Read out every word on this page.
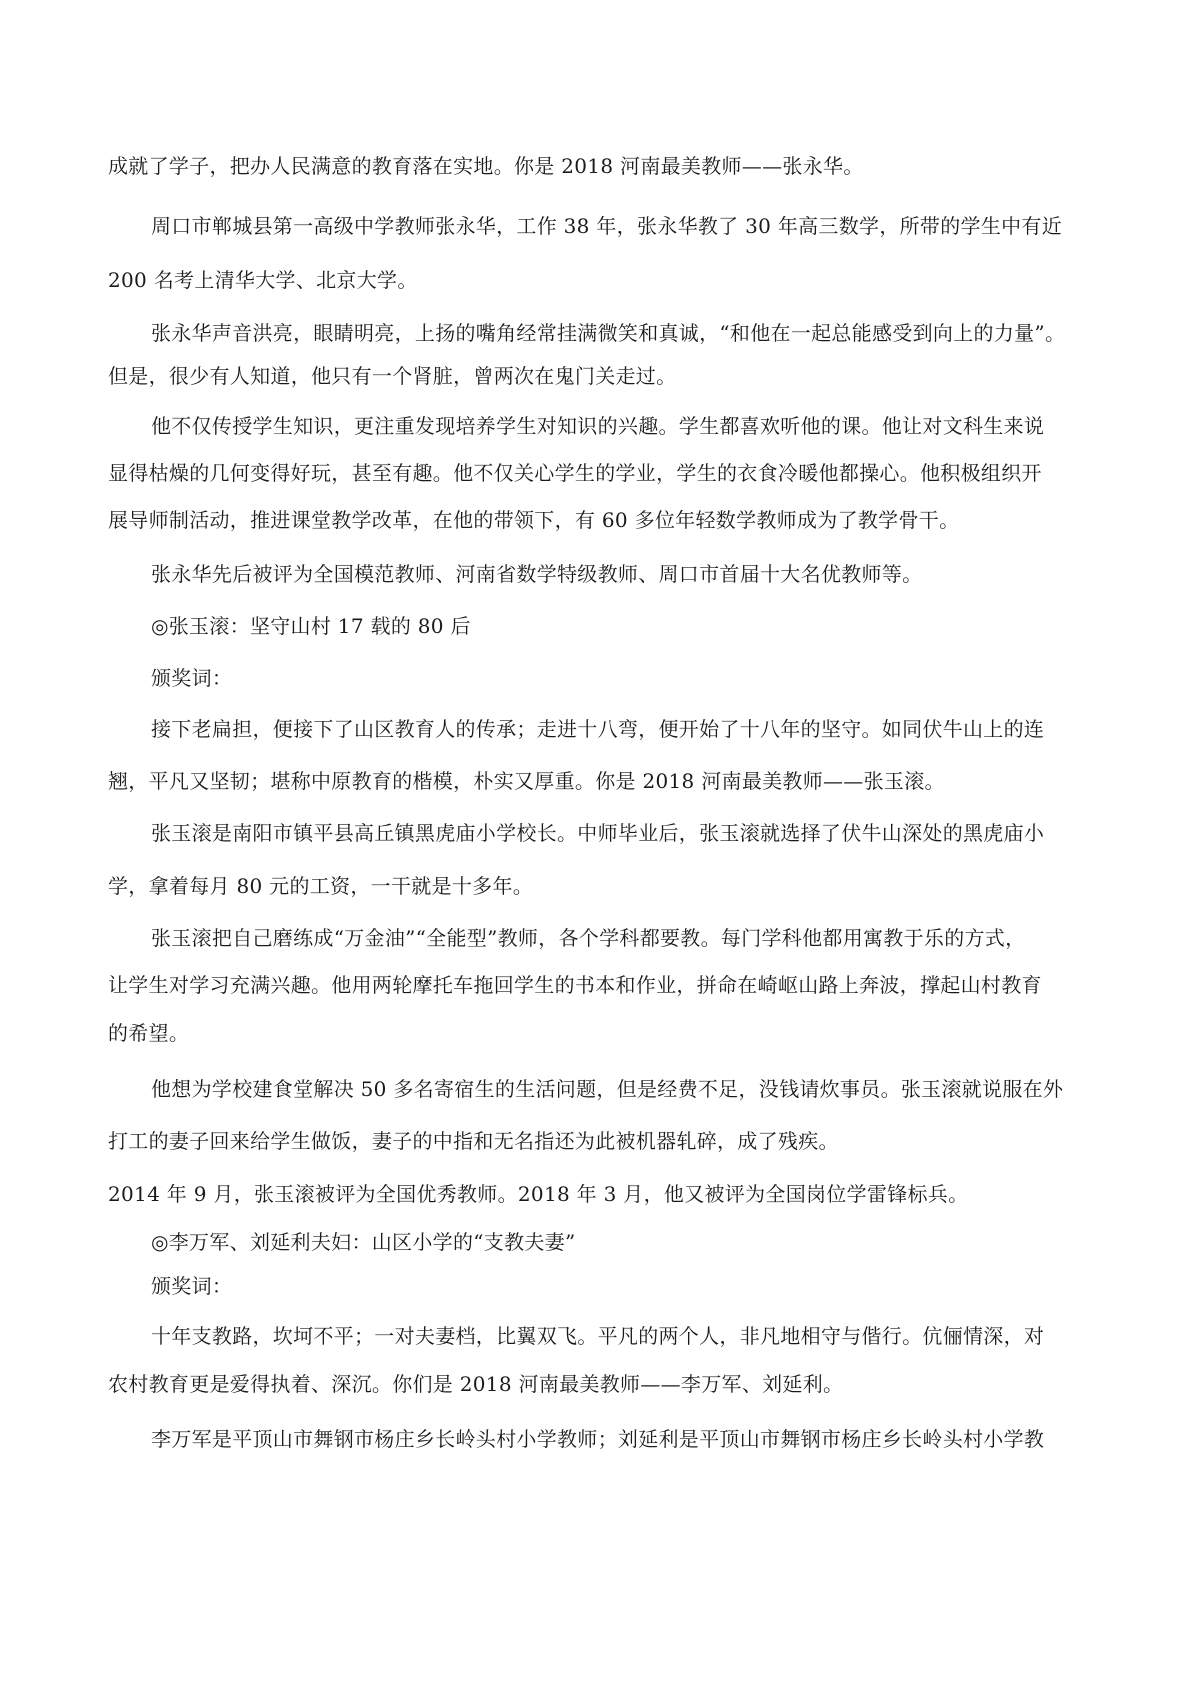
成就了学子，把办人民满意的教育落在实地。你是 2018 河南最美教师——张永华。
周口市郸城县第一高级中学教师张永华，工作 38 年，张永华教了 30 年高三数学，所带的学生中有近
200 名考上清华大学、北京大学。
张永华声音洪亮，眼睛明亮，上扬的嘴角经常挂满微笑和真诚，“和他在一起总能感受到向上的力量”。
但是，很少有人知道，他只有一个肾脏，曾两次在鬼门关走过。
他不仅传授学生知识，更注重发现培养学生对知识的兴趣。学生都喜欢听他的课。他让对文科生来说
显得枯燥的几何变得好玩，甚至有趣。他不仅关心学生的学业，学生的衣食冷暖他都操心。他积极组织开
展导师制活动，推进课堂教学改革，在他的带领下，有 60 多位年轻数学教师成为了教学骨干。
张永华先后被评为全国模范教师、河南省数学特级教师、周口市首届十大名优教师等。
◎张玉滚：坚守山村 17 载的 80 后
颁奖词：
接下老扁担，便接下了山区教育人的传承；走进十八弯，便开始了十八年的坚守。如同伏牛山上的连
翘，平凡又坚韧；堪称中原教育的楷模，朴实又厚重。你是 2018 河南最美教师——张玉滚。
张玉滚是南阳市镇平县高丘镇黑虎庙小学校长。中师毕业后，张玉滚就选择了伏牛山深处的黑虎庙小
学，拿着每月 80 元的工资，一干就是十多年。
张玉滚把自己磨练成“万金油”“全能型”教师，各个学科都要教。每门学科他都用寓教于乐的方式，
让学生对学习充满兴趣。他用两轮摩托车拖回学生的书本和作业，拼命在崎岖山路上奔波，撑起山村教育
的希望。
他想为学校建食堂解决 50 多名寄宿生的生活问题，但是经费不足，没钱请炊事员。张玉滚就说服在外
打工的妻子回来给学生做饭，妻子的中指和无名指还为此被机器轧碎，成了残疾。
2014 年 9 月，张玉滚被评为全国优秀教师。2018 年 3 月，他又被评为全国岗位学雷锋标兵。
◎李万军、刘延利夫妇：山区小学的“支教夫妻”
颁奖词：
十年支教路，坎坷不平；一对夫妻档，比翼双飞。平凡的两个人，非凡地相守与偕行。伉俪情深，对
农村教育更是爱得执着、深沉。你们是 2018 河南最美教师——李万军、刘延利。
李万军是平顶山市舞钢市杨庄乡长岭头村小学教师；刘延利是平顶山市舞钢市杨庄乡长岭头村小学教
